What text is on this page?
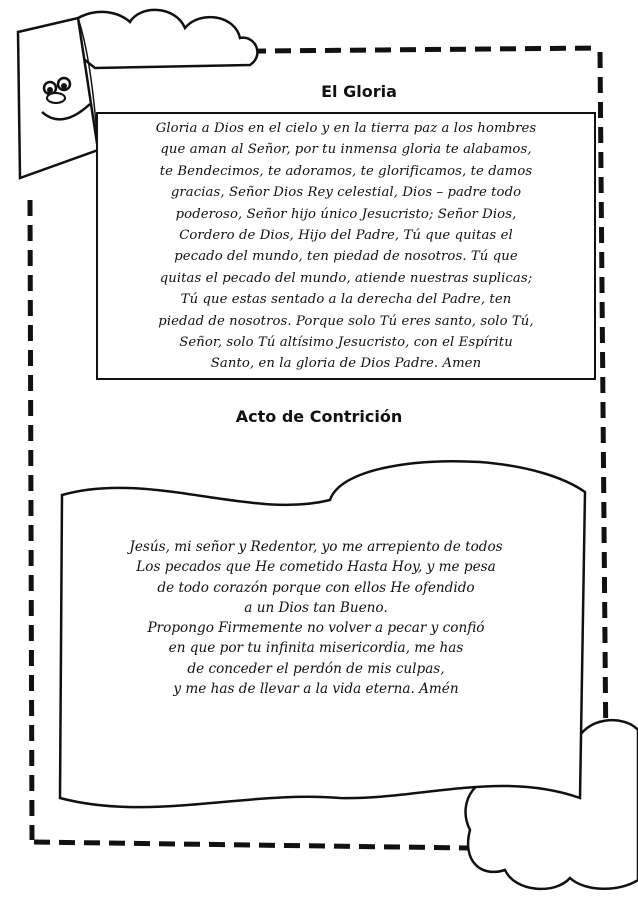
El Gloria

Gloria a Dios en el cielo y en la tierra paz a los hombres
que aman al Señor, por tu inmensa gloria te alabamos,
te Bendecimos, te adoramos, te glorificamos, te damos
gracias, Señor Dios Rey celestial, Dios – padre todo
poderoso, Señor hijo único Jesucristo; Señor Dios,
Cordero de Dios, Hijo del Padre, Tú que quitas el
pecado del mundo, ten piedad de nosotros. Tú que
quitas el pecado del mundo, atiende nuestras suplicas;
Tú que estas sentado a la derecha del Padre, ten
piedad de nosotros. Porque solo Tú eres santo, solo Tú,
Señor, solo Tú altísimo Jesucristo, con el Espíritu
Santo, en la gloria de Dios Padre. Amen

Acto de Contrición

Jesús, mi señor y Redentor, yo me arrepiento de todos
Los pecados que He cometido Hasta Hoy, y me pesa
de todo corazón porque con ellos He ofendido
a un Dios tan Bueno.
Propongo Firmemente no volver a pecar y confió
en que por tu infinita misericordia, me has
de conceder el perdón de mis culpas,
y me has de llevar a la vida eterna. Amén
